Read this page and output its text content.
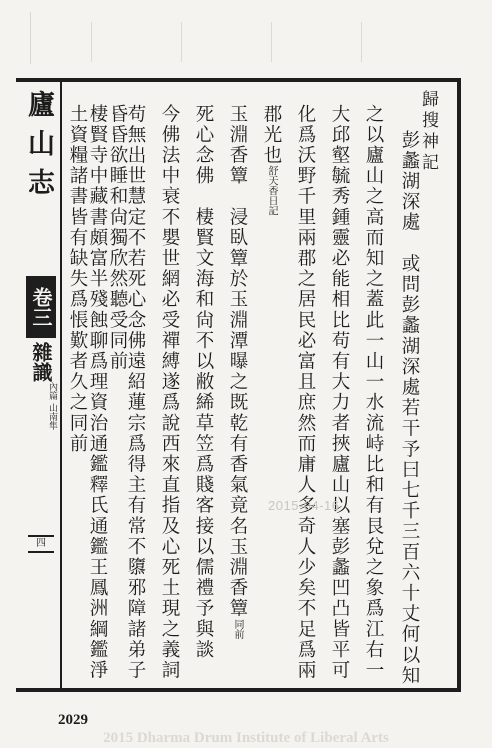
廬山志
卷三
雜識
內篇 山南隼
四
歸搜神記
彭蠡湖深處　或問彭蠡湖深處若干予曰七千三百六十丈何以知
之以廬山之高而知之蓋此一山一水流峙比和有艮兌之象爲江右一
大邱壑毓秀鍾靈必能相比苟有大力者挾廬山以塞彭蠡凹凸皆平可
化爲沃野千里兩郡之居民必富且庶然而庸人多奇人少矣不足爲兩
郡光也舒天香日記
玉淵香簟　浸臥簟於玉淵潭曝之既乾有香氣竟名玉淵香簟同前
死心念佛　棲賢文海和尙不以敝絺草笠爲賤客接以儒禮予與談
今佛法中衰不嬰世網必受禪縛遂爲說西來直指及心死土現之義詞
苟無出世慧定不若死心念佛遠紹蓮宗爲得主有常不隳邪障諸弟子
昏昏欲睡和尙獨欣然聽受同前
棲賢寺中藏書頗富半殘蝕聊爲理資治通鑑釋氏通鑑王鳳洲綱鑑淨
土資糧諸書皆有缺失爲悵歎者久之同前
2015-04-16
2029
2015 Dharma Drum Institute of Liberal Arts
